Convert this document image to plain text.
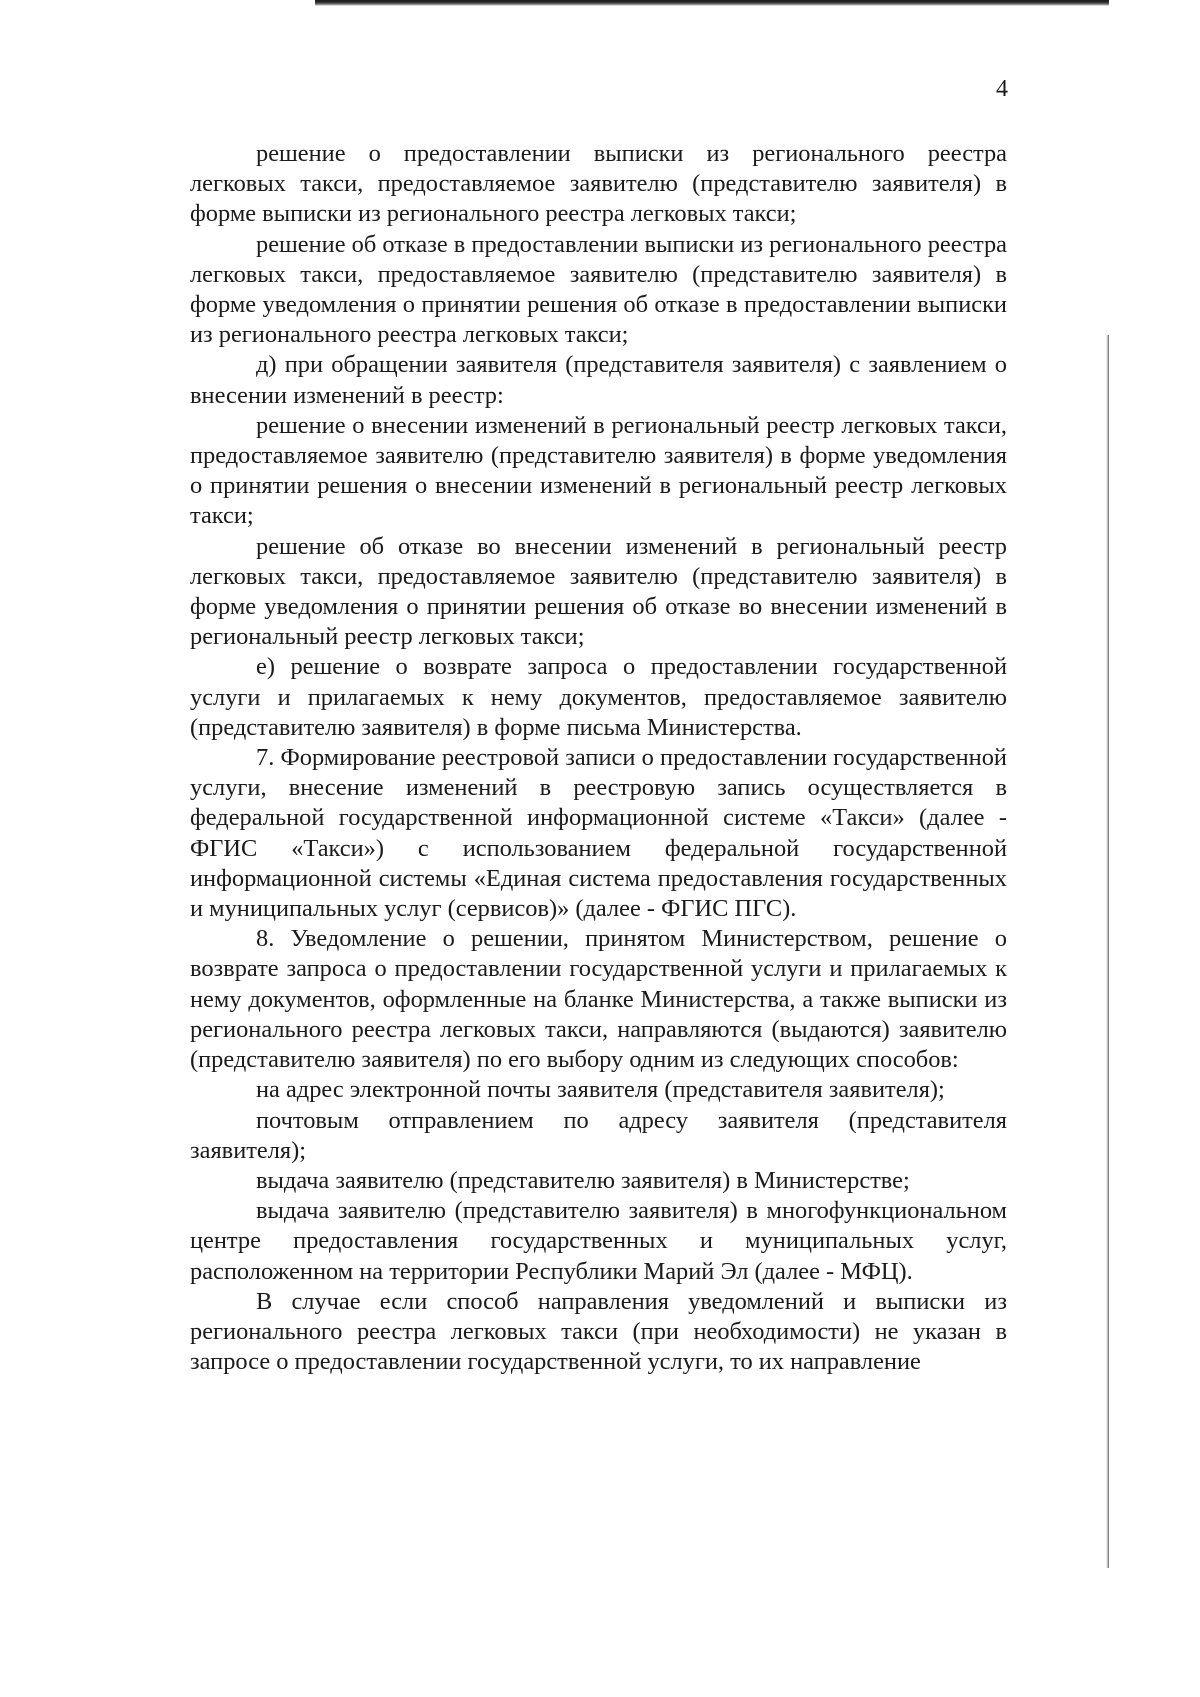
4

решение о предоставлении выписки из регионального реестра легковых такси, предоставляемое заявителю (представителю заявителя) в форме выписки из регионального реестра легковых такси;

решение об отказе в предоставлении выписки из регионального реестра легковых такси, предоставляемое заявителю (представителю заявителя) в форме уведомления о принятии решения об отказе в предоставлении выписки из регионального реестра легковых такси;

д) при обращении заявителя (представителя заявителя) с заявлением о внесении изменений в реестр:

решение о внесении изменений в региональный реестр легковых такси, предоставляемое заявителю (представителю заявителя) в форме уведомления о принятии решения о внесении изменений в региональный реестр легковых такси;

решение об отказе во внесении изменений в региональный реестр легковых такси, предоставляемое заявителю (представителю заявителя) в форме уведомления о принятии решения об отказе во внесении изменений в региональный реестр легковых такси;

е) решение о возврате запроса о предоставлении государственной услуги и прилагаемых к нему документов, предоставляемое заявителю (представителю заявителя) в форме письма Министерства.

7. Формирование реестровой записи о предоставлении государственной услуги, внесение изменений в реестровую запись осуществляется в федеральной государственной информационной системе «Такси» (далее - ФГИС «Такси») с использованием федеральной государственной информационной системы «Единая система предоставления государственных и муниципальных услуг (сервисов)» (далее - ФГИС ПГС).

8. Уведомление о решении, принятом Министерством, решение о возврате запроса о предоставлении государственной услуги и прилагаемых к нему документов, оформленные на бланке Министерства, а также выписки из регионального реестра легковых такси, направляются (выдаются) заявителю (представителю заявителя) по его выбору одним из следующих способов:

на адрес электронной почты заявителя (представителя заявителя);

почтовым отправлением по адресу заявителя (представителя заявителя);

выдача заявителю (представителю заявителя) в Министерстве;

выдача заявителю (представителю заявителя) в многофункциональном центре предоставления государственных и муниципальных услуг, расположенном на территории Республики Марий Эл (далее - МФЦ).

В случае если способ направления уведомлений и выписки из регионального реестра легковых такси (при необходимости) не указан в запросе о предоставлении государственной услуги, то их направление
